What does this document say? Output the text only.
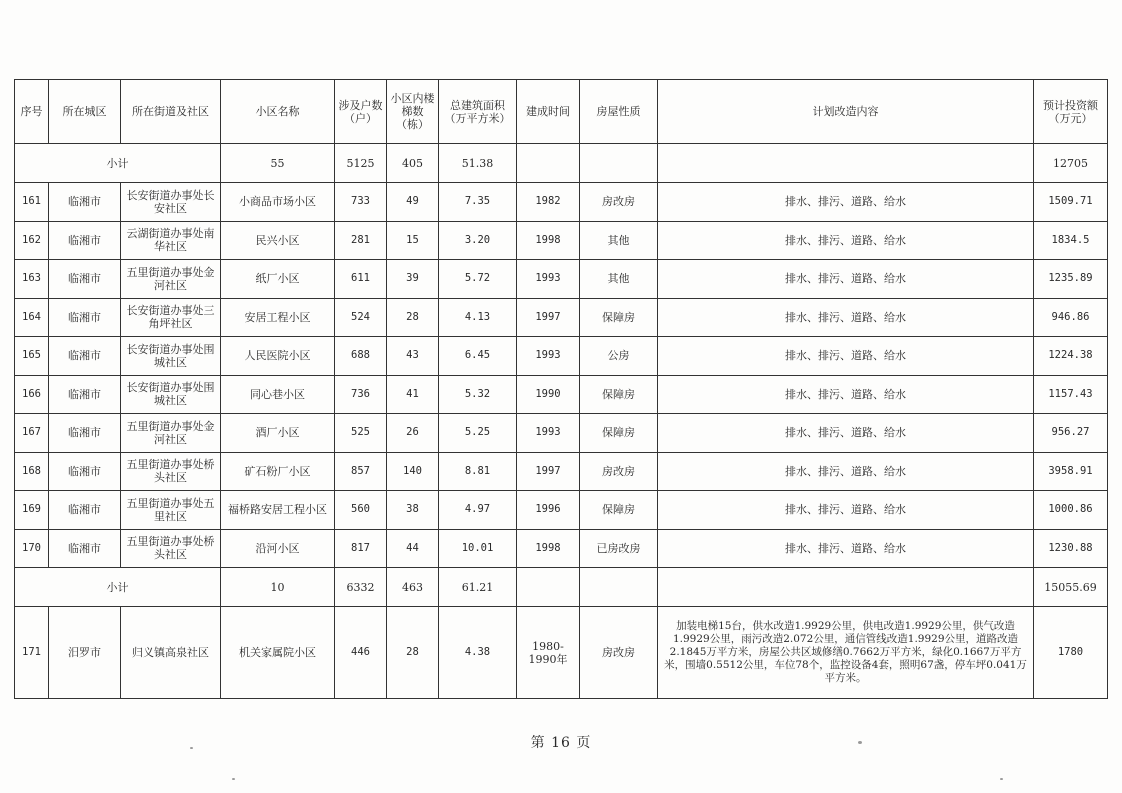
序号	所在城区	所在街道及社区	小区名称	涉及户数（户）	小区内楼梯数（栋）	总建筑面积（万平方米）	建成时间	房屋性质	计划改造内容	预计投资额（万元）
小计			55	5125	405	51.38				12705
161	临湘市	长安街道办事处长安社区	小商品市场小区	733	49	7.35	1982	房改房	排水、排污、道路、给水	1509.71
162	临湘市	云湖街道办事处南华社区	民兴小区	281	15	3.20	1998	其他	排水、排污、道路、给水	1834.5
163	临湘市	五里街道办事处金河社区	纸厂小区	611	39	5.72	1993	其他	排水、排污、道路、给水	1235.89
164	临湘市	长安街道办事处三角坪社区	安居工程小区	524	28	4.13	1997	保障房	排水、排污、道路、给水	946.86
165	临湘市	长安街道办事处围城社区	人民医院小区	688	43	6.45	1993	公房	排水、排污、道路、给水	1224.38
166	临湘市	长安街道办事处围城社区	同心巷小区	736	41	5.32	1990	保障房	排水、排污、道路、给水	1157.43
167	临湘市	五里街道办事处金河社区	酒厂小区	525	26	5.25	1993	保障房	排水、排污、道路、给水	956.27
168	临湘市	五里街道办事处桥头社区	矿石粉厂小区	857	140	8.81	1997	房改房	排水、排污、道路、给水	3958.91
169	临湘市	五里街道办事处五里社区	福桥路安居工程小区	560	38	4.97	1996	保障房	排水、排污、道路、给水	1000.86
170	临湘市	五里街道办事处桥头社区	沿河小区	817	44	10.01	1998	已房改房	排水、排污、道路、给水	1230.88
小计			10	6332	463	61.21				15055.69
171	汨罗市	归义镇高泉社区	机关家属院小区	446	28	4.38	1980-1990年	房改房	加装电梯15台，供水改造1.9929公里，供电改造1.9929公里，供气改造1.9929公里，雨污改造2.072公里，通信管线改造1.9929公里，道路改造2.1845万平方米，房屋公共区域修缮0.7662万平方米，绿化0.1667万平方米，围墙0.5512公里，车位78个，监控设备4套，照明67盏，停车坪0.041万平方米。	1780
第 16 页
